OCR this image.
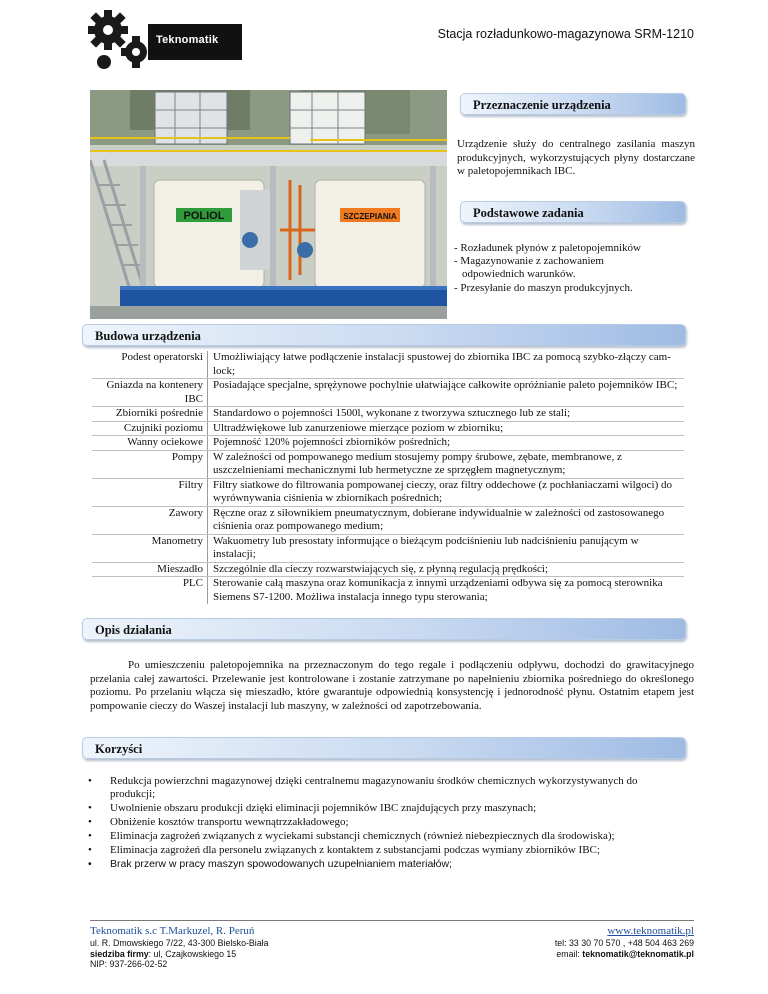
Teknomatik	Stacja rozładunkowo-magazynowa SRM-1210
POLIOL	SZCZEPIANIA
Przeznaczenie urządzenia
Urządzenie służy do centralnego zasilania maszyn produkcyjnych, wykorzystujących płyny dostarczane w paletopojemnikach IBC.
Podstawowe zadania
- Rozładunek płynów z paletopojemników
- Magazynowanie z zachowaniem
odpowiednich warunków.
- Przesyłanie do maszyn produkcyjnych.
Budowa urządzenia
Podest operatorski Umożliwiający łatwe podłączenie instalacji spustowej do zbiornika IBC za pomocą szybko-złączy cam-lock;
Gniazda na kontenery IBC
Posiadające specjalne, sprężynowe pochylnie ułatwiające całkowite opróżnianie paleto pojemników IBC;
Zbiorniki pośrednie Standardowo o pojemności 1500l, wykonane z tworzywa sztucznego lub ze stali;
Czujniki poziomu Ultradźwiękowe lub zanurzeniowe mierzące poziom w zbiorniku;
Wanny ociekowe Pojemność 120% pojemności zbiorników pośrednich;
Pompy W zależności od pompowanego medium stosujemy pompy śrubowe, zębate, membranowe, z uszczelnieniami mechanicznymi lub hermetyczne ze sprzęgłem magnetycznym;
Filtry Filtry siatkowe do filtrowania pompowanej cieczy, oraz filtry oddechowe (z pochłaniaczami wilgoci) do wyrównywania ciśnienia w zbiornikach pośrednich;
Zawory Ręczne oraz z siłownikiem pneumatycznym, dobierane indywidualnie w zależności od zastosowanego ciśnienia oraz pompowanego medium;
Manometry Wakuometry lub presostaty informujące o bieżącym podciśnieniu lub nadciśnieniu panującym w instalacji;
Mieszadło Szczególnie dla cieczy rozwarstwiających się, z płynną regulacją prędkości;
PLC Sterowanie całą maszyna oraz komunikacja z innymi urządzeniami odbywa się za pomocą sterownika Siemens S7-1200. Możliwa instalacja innego typu sterowania;
Opis działania
Po umieszczeniu paletopojemnika na przeznaczonym do tego regale i podłączeniu odpływu, dochodzi do grawitacyjnego przelania całej zawartości. Przelewanie jest kontrolowane i zostanie zatrzymane po napełnieniu zbiornika pośredniego do określonego poziomu. Po przelaniu włącza się mieszadło, które gwarantuje odpowiednią konsystencję i jednorodność płynu. Ostatnim etapem jest pompowanie cieczy do Waszej instalacji lub maszyny, w zależności od zapotrzebowania.
Korzyści
• Redukcja powierzchni magazynowej dzięki centralnemu magazynowaniu środków chemicznych wykorzystywanych do produkcji;
• Uwolnienie obszaru produkcji dzięki eliminacji pojemników IBC znajdujących przy maszynach;
• Obniżenie kosztów transportu wewnątrzzakładowego;
• Eliminacja zagrożeń związanych z wyciekami substancji chemicznych (również niebezpiecznych dla środowiska);
• Eliminacja zagrożeń dla personelu związanych z kontaktem z substancjami podczas wymiany zbiorników IBC;
• Brak przerw w pracy maszyn spowodowanych uzupełnianiem materiałów;
Teknomatik s.c T.Markuzel, R. Peruń
ul. R. Dmowskiego 7/22, 43-300 Bielsko-Biała
siedziba firmy: ul, Czajkowskiego 15
NIP: 937-266-02-52
www.teknomatik.pl
tel: 33 30 70 570 , +48 504 463 269
email: teknomatik@teknomatik.pl
